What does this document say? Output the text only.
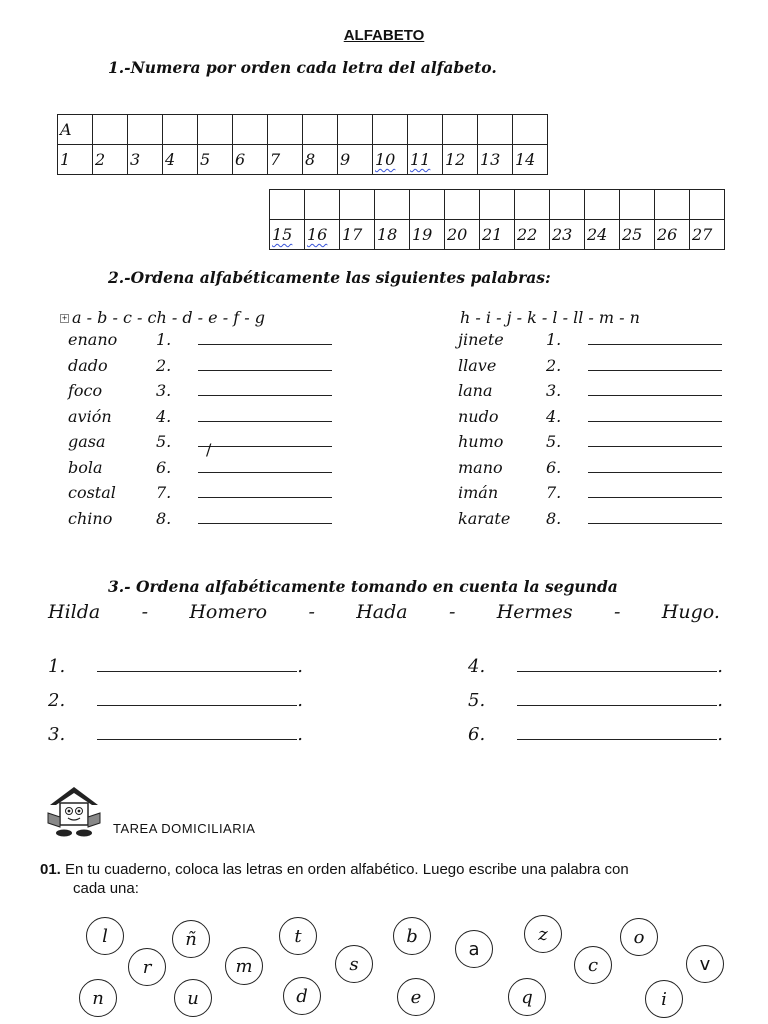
ALFABETO
1.-Numera por orden cada letra del alfabeto.
A													
1	2	3	4	5	6	7	8	9	10	11	12	13	14

15	16	17	18	19	20	21	22	23	24	25	26	27
2.-Ordena alfabéticamente las siguientes palabras:
+ a - b - c - ch - d - e - f - g	h - i - j - k - l - ll - m - n
enano 1.
dado	2.
foco	3.
avión	4.
gasa	5. /
bola	6.
costal	7.
chino	8.
jinete	1.
llave	2.
lana	3.
nudo	4.
humo	5.
mano	6.
imán	7.
karate 8.
3.- Ordena alfabéticamente tomando en cuenta la segunda
Hilda - Homero - Hada - Hermes - Hugo.
1.	.
2.	.
3.	.
4.	.
5.	.
6.	.
TAREA DOMICILIARIA
01. En tu cuaderno, coloca las letras en orden alfabético. Luego escribe una palabra con
cada una:
l	ñ	t	b
a
z	o
r	m	s	c	v
n	u	d	e	q	i
